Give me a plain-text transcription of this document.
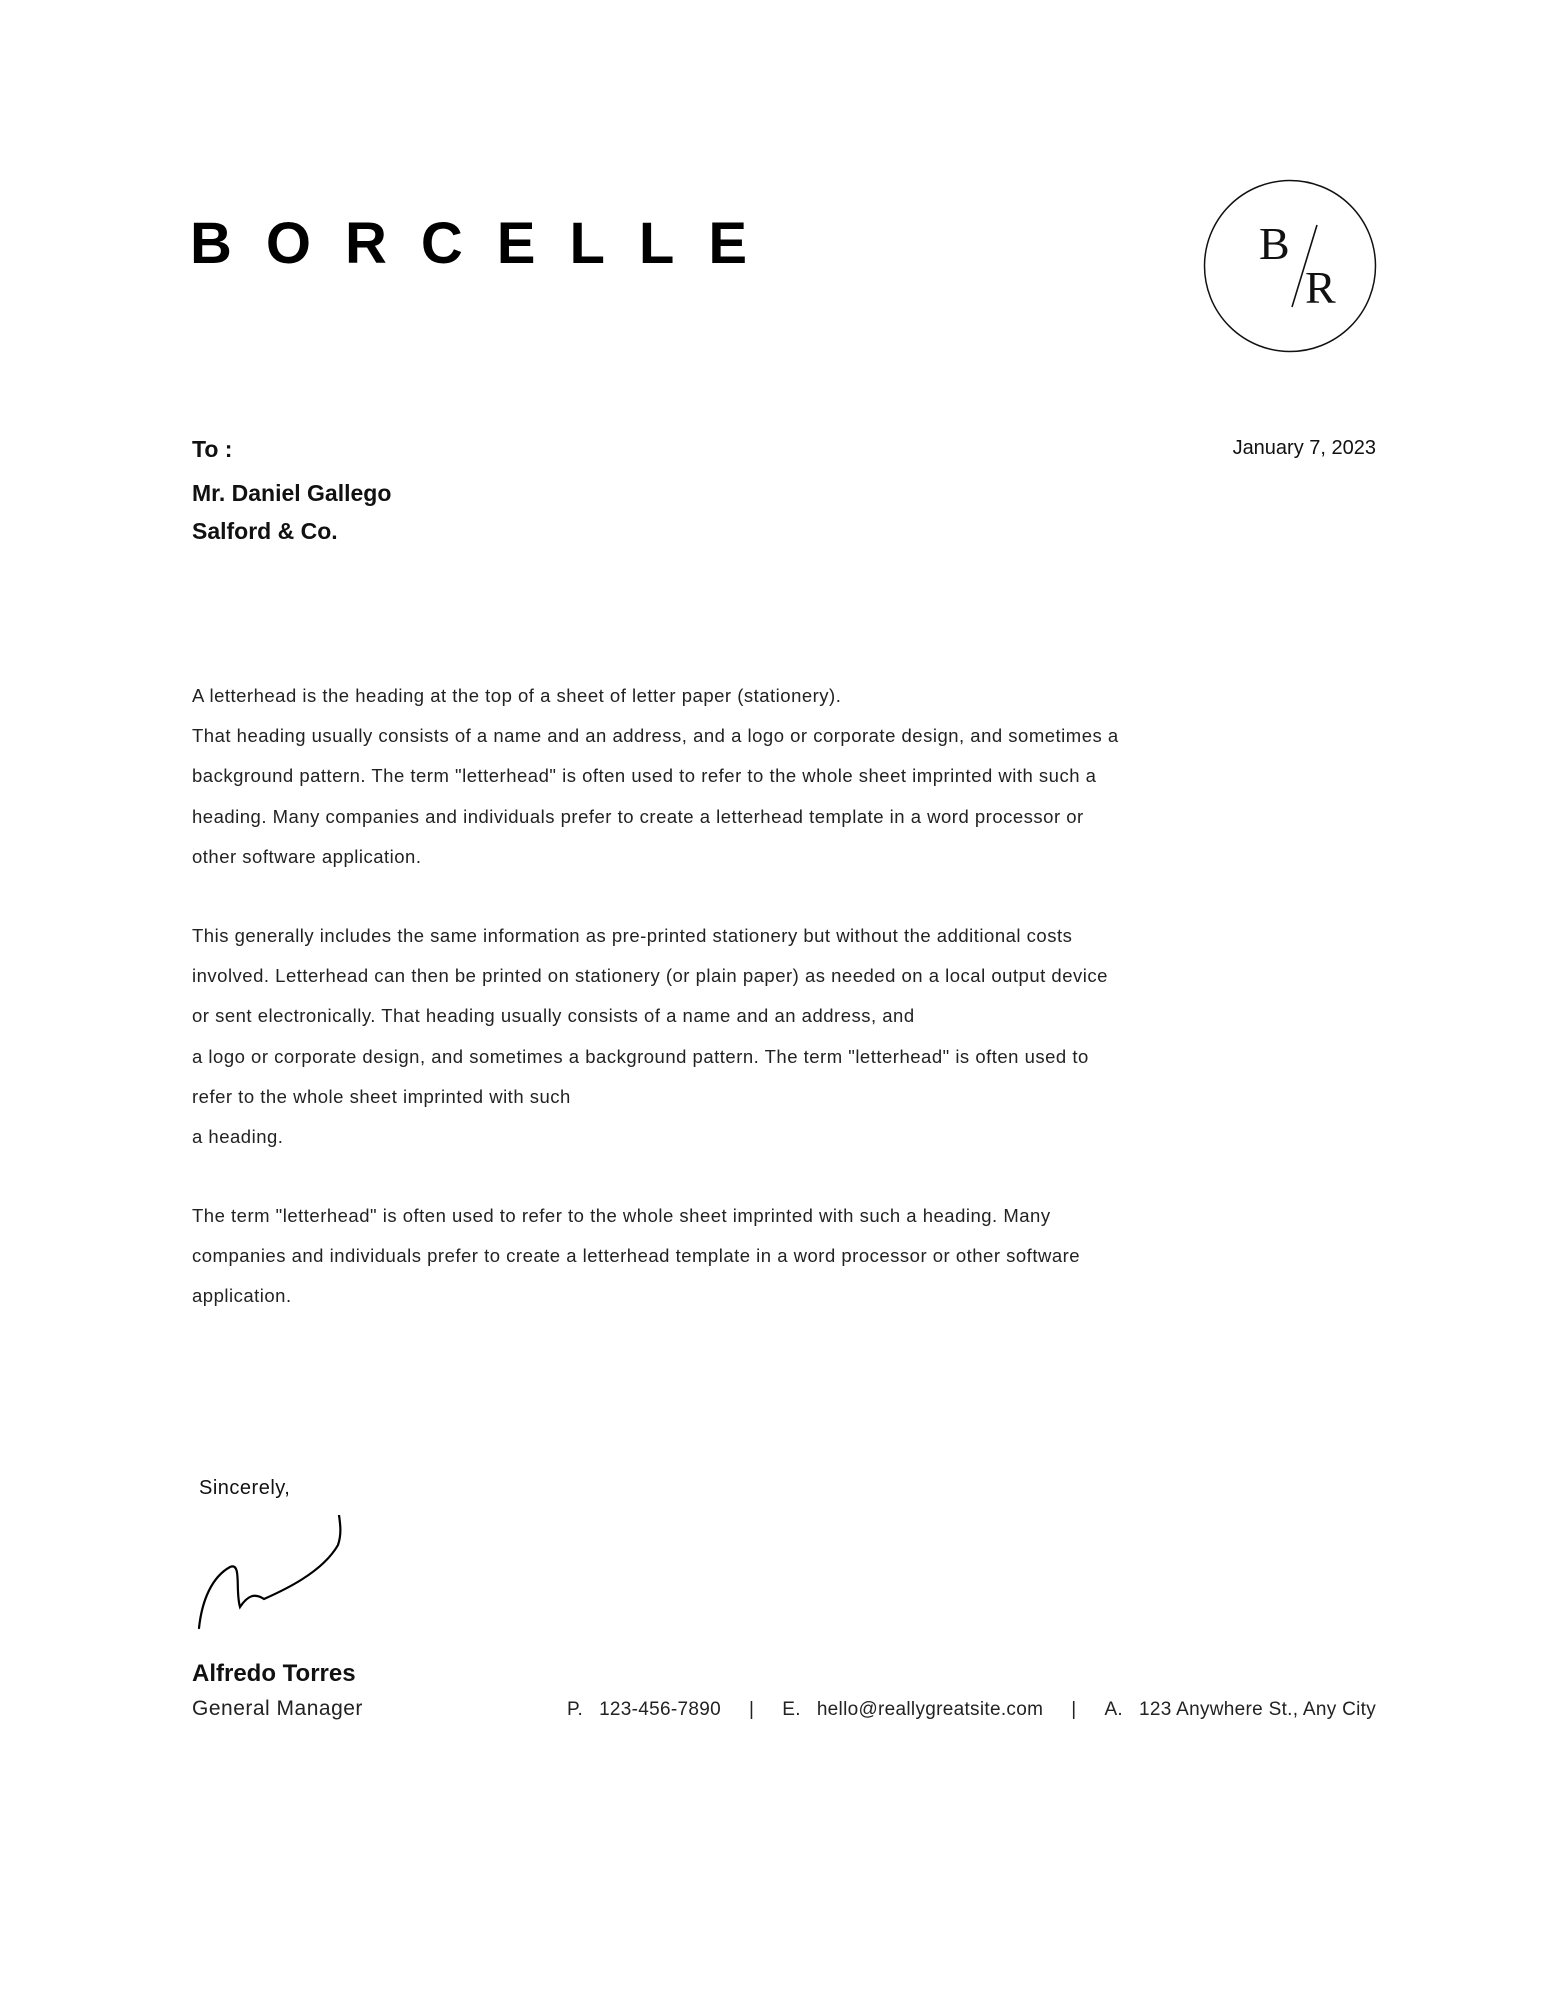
BORCELLE	B
R
To :
Mr. Daniel Gallego
Salford & Co.
January 7, 2023
A letterhead is the heading at the top of a sheet of letter paper (stationery).
That heading usually consists of a name and an address, and a logo or corporate design, and sometimes a
background pattern. The term "letterhead" is often used to refer to the whole sheet imprinted with such a
heading. Many companies and individuals prefer to create a letterhead template in a word processor or
other software application.
This generally includes the same information as pre-printed stationery but without the additional costs
involved. Letterhead can then be printed on stationery (or plain paper) as needed on a local output device
or sent electronically. That heading usually consists of a name and an address, and
a logo or corporate design, and sometimes a background pattern. The term "letterhead" is often used to
refer to the whole sheet imprinted with such
a heading.
The term "letterhead" is often used to refer to the whole sheet imprinted with such a heading. Many
companies and individuals prefer to create a letterhead template in a word processor or other software
application.
Sincerely,
Alfredo Torres
General Manager	P. 123-456-7890 | E. hello@reallygreatsite.com | A. 123 Anywhere St., Any City
